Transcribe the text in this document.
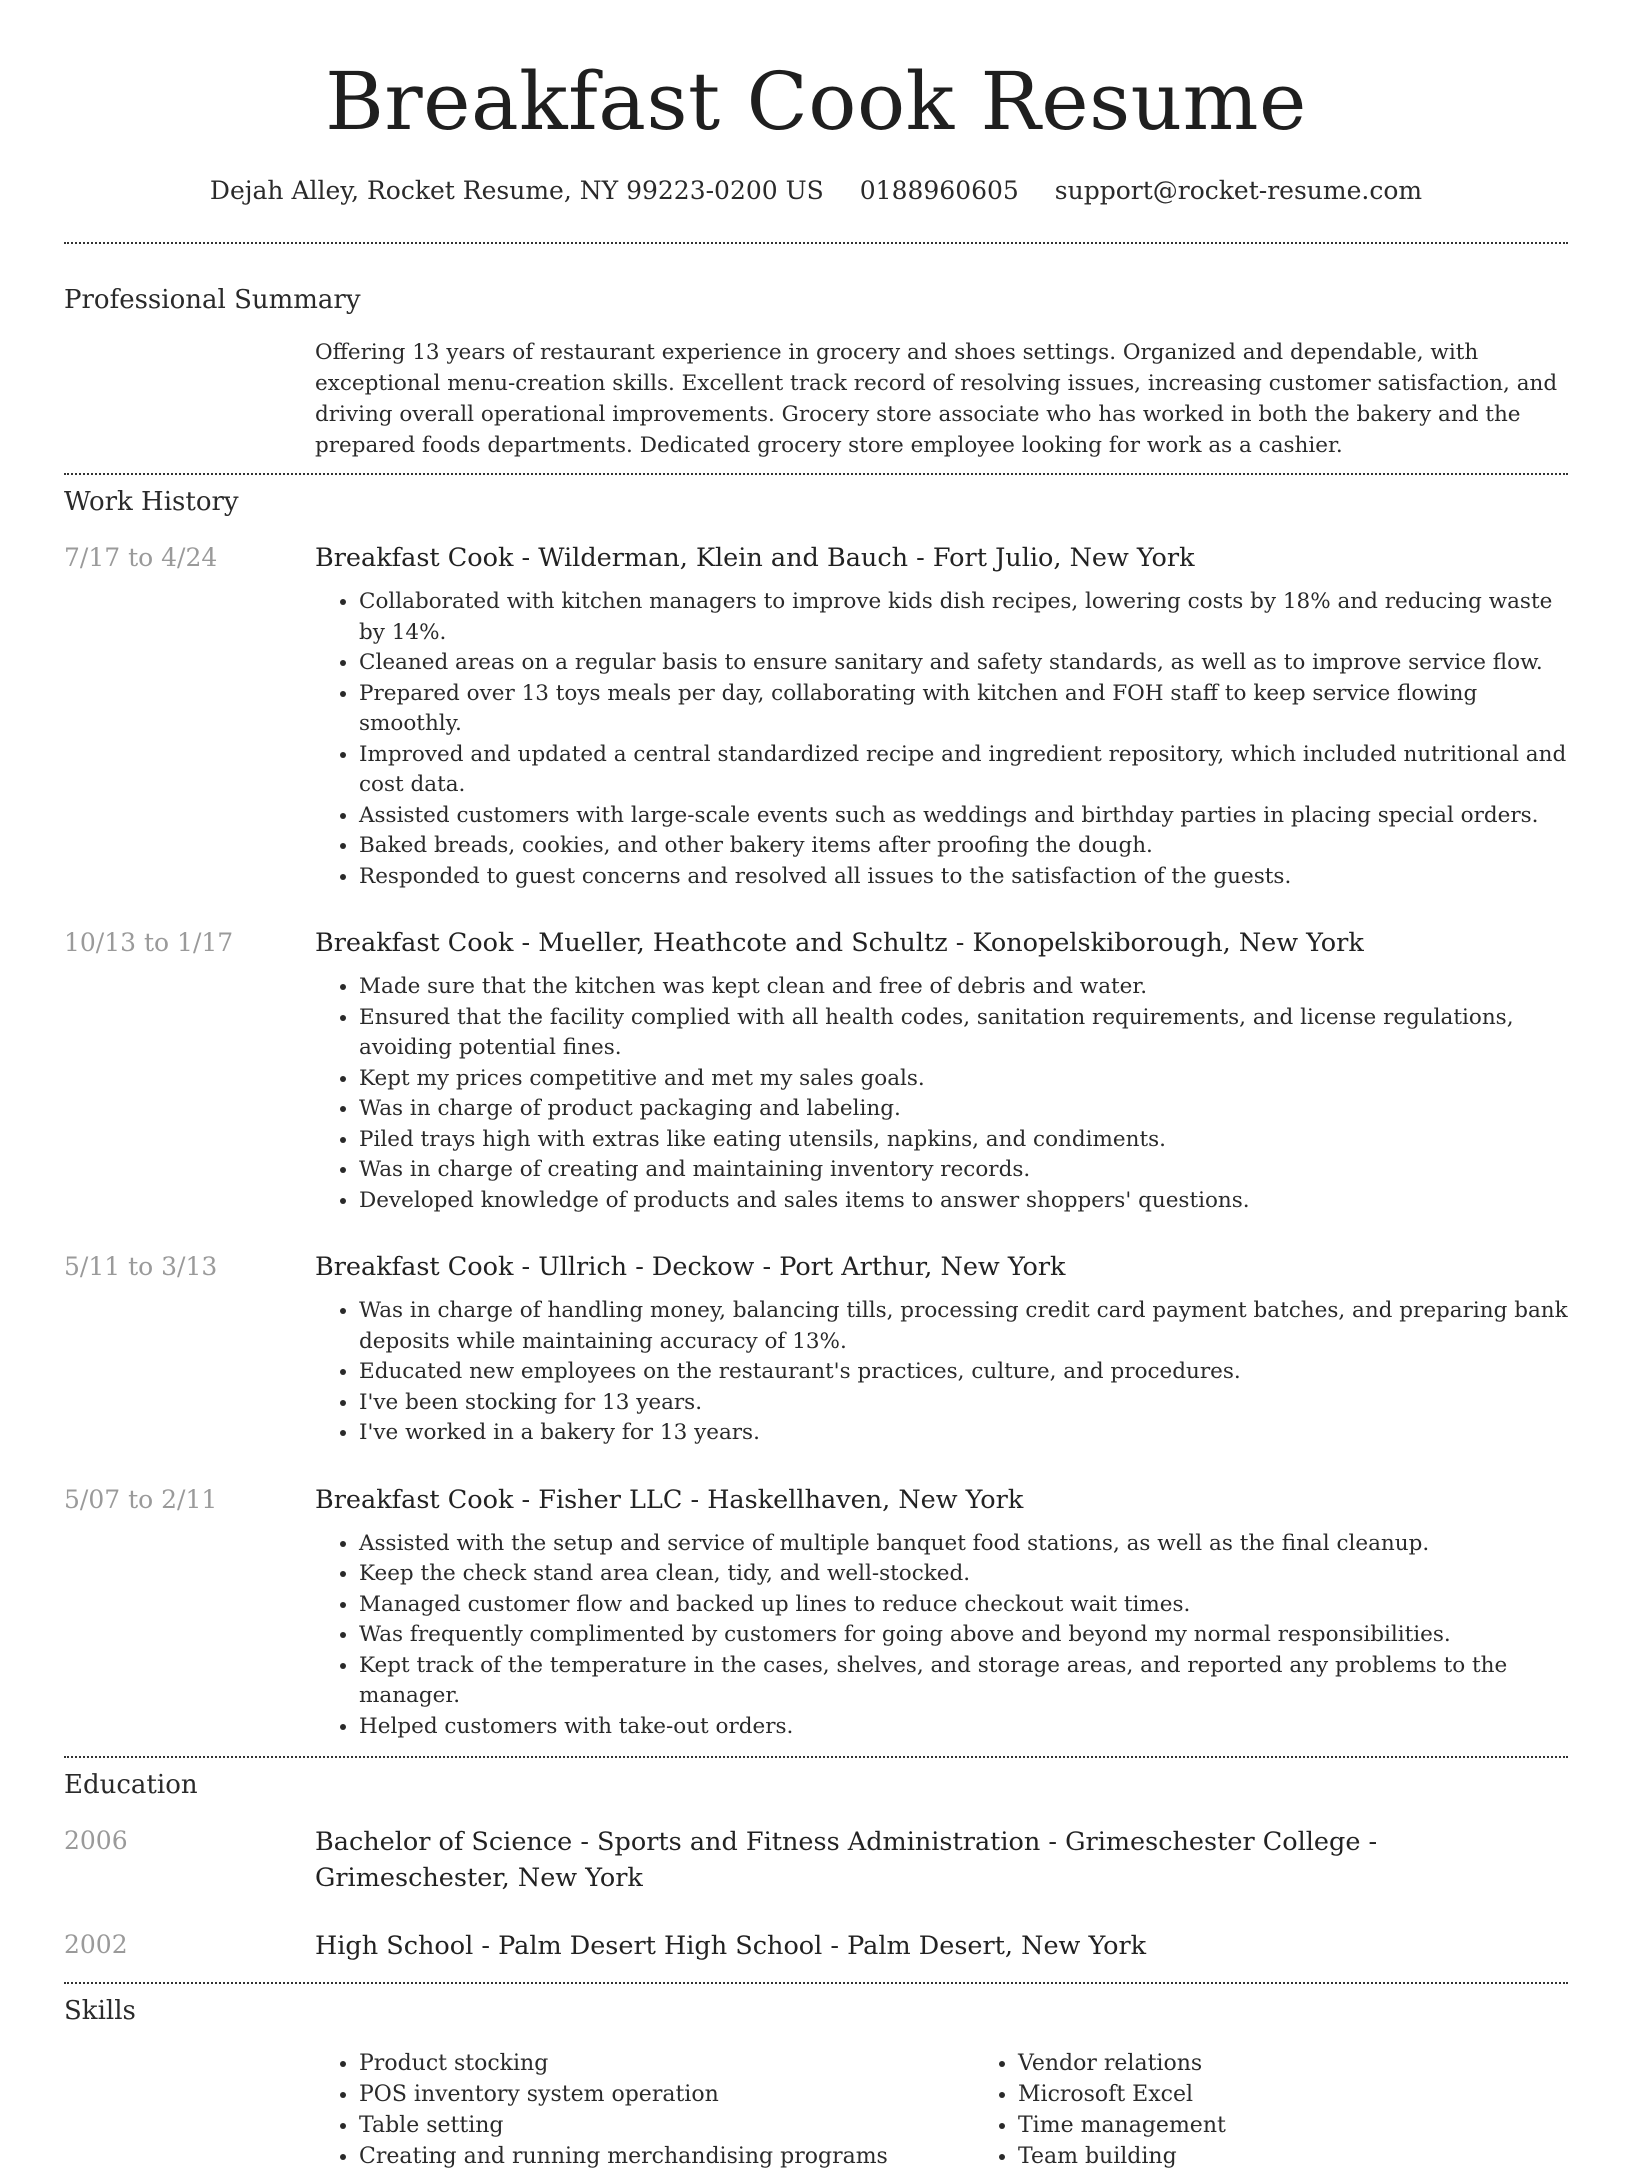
Breakfast Cook Resume
Dejah Alley, Rocket Resume, NY 99223-0200 US 0188960605 support@rocket-resume.com
Professional Summary

Offering 13 years of restaurant experience in grocery and shoes settings. Organized and dependable, with exceptional menu-creation skills. Excellent track record of resolving issues, increasing customer satisfaction, and driving overall operational improvements. Grocery store associate who has worked in both the bakery and the prepared foods departments. Dedicated grocery store employee looking for work as a cashier.

Work History
7/17 to 4/24	Breakfast Cook - Wilderman, Klein and Bauch - Fort Julio, New York

• Collaborated with kitchen managers to improve kids dish recipes, lowering costs by 18% and reducing waste by 14%.
• Cleaned areas on a regular basis to ensure sanitary and safety standards, as well as to improve service flow.
• Prepared over 13 toys meals per day, collaborating with kitchen and FOH staff to keep service flowing smoothly.
• Improved and updated a central standardized recipe and ingredient repository, which included nutritional and cost data.
• Assisted customers with large-scale events such as weddings and birthday parties in placing special orders.
• Baked breads, cookies, and other bakery items after proofing the dough.
• Responded to guest concerns and resolved all issues to the satisfaction of the guests.
10/13 to 1/17	Breakfast Cook - Mueller, Heathcote and Schultz - Konopelskiborough, New York

• Made sure that the kitchen was kept clean and free of debris and water.
• Ensured that the facility complied with all health codes, sanitation requirements, and license regulations, avoiding potential fines.
• Kept my prices competitive and met my sales goals.
• Was in charge of product packaging and labeling.
• Piled trays high with extras like eating utensils, napkins, and condiments.
• Was in charge of creating and maintaining inventory records.
• Developed knowledge of products and sales items to answer shoppers' questions.
5/11 to 3/13	Breakfast Cook - Ullrich - Deckow - Port Arthur, New York

• Was in charge of handling money, balancing tills, processing credit card payment batches, and preparing bank deposits while maintaining accuracy of 13%.
• Educated new employees on the restaurant's practices, culture, and procedures.
• I've been stocking for 13 years.
• I've worked in a bakery for 13 years.
5/07 to 2/11	Breakfast Cook - Fisher LLC - Haskellhaven, New York

• Assisted with the setup and service of multiple banquet food stations, as well as the final cleanup.
• Keep the check stand area clean, tidy, and well-stocked.
• Managed customer flow and backed up lines to reduce checkout wait times.
• Was frequently complimented by customers for going above and beyond my normal responsibilities.
• Kept track of the temperature in the cases, shelves, and storage areas, and reported any problems to the manager.
• Helped customers with take-out orders.
Education
2006	Bachelor of Science - Sports and Fitness Administration - Grimeschester College - Grimeschester, New York

2002	High School - Palm Desert High School - Palm Desert, New York

Skills
• Product stocking
• POS inventory system operation
• Table setting
• Creating and running merchandising programs
• Vendor relations
• Microsoft Excel
• Time management
• Team building
